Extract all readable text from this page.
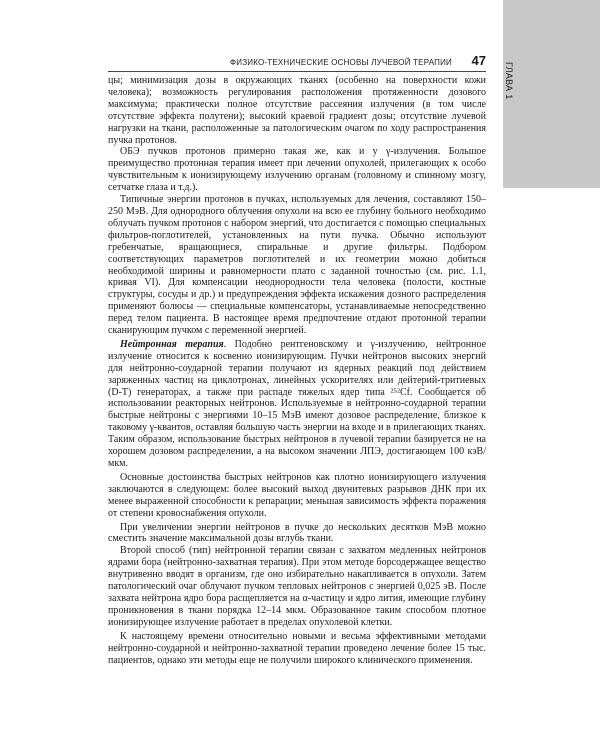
ГЛАВА 1
ФИЗИКО-ТЕХНИЧЕСКИЕ ОСНОВЫ ЛУЧЕВОЙ ТЕРАПИИ 47

цы; минимизация дозы в окружающих тканях (особенно на поверхности кожи человека); возможность регулирования расположения протяженности дозового максимума; практически полное отсутствие рассеяния излучения (в том числе отсутствие эффекта полутени); высокий краевой градиент дозы; отсутствие лучевой нагрузки на ткани, расположенные за патологическим очагом по ходу распространения пучка протонов.

ОБЭ пучков протонов примерно такая же, как и у γ-излучения. Большое преимущество протонная терапия имеет при лечении опухолей, прилегающих к особо чувствительным к ионизирующему излучению органам (головному и спинному мозгу, сетчатке глаза и т.д.).

Типичные энергии протонов в пучках, используемых для лечения, составляют 150–250 МэВ. Для однородного облучения опухоли на всю ее глубину больного необходимо облучать пучком протонов с набором энергий, что достигается с помощью специальных фильтров-поглотителей, установленных на пути пучка. Обычно используют гребенчатые, вращающиеся, спиральные и другие фильтры. Подбором соответствующих параметров поглотителей и их геометрии можно добиться необходимой ширины и равномерности плато с заданной точностью (см. рис. 1.1, кривая VI). Для компенсации неоднородности тела человека (полости, костные структуры, сосуды и др.) и предупреждения эффекта искажения дозного распределения применяют болюсы — специальные компенсаторы, устанавливаемые непосредственно перед телом пациента. В настоящее время предпочтение отдают протонной терапии сканирующим пучком с переменной энергией.

Нейтронная терапия. Подобно рентгеновскому и γ-излучению, нейтронное излучение относится к косвенно ионизирующим. Пучки нейтронов высоких энергий для нейтронно-соударной терапии получают из ядерных реакций под действием заряженных частиц на циклотронах, линейных ускорителях или дейтерий-тритиевых (D-T) генераторах, а также при распаде тяжелых ядер типа ²⁵²Cf. Сообщается об использовании реакторных нейтронов. Используемые в нейтронно-соударной терапии быстрые нейтроны с энергиями 10–15 МэВ имеют дозовое распределение, близкое к таковому γ-квантов, оставляя большую часть энергии на входе и в прилегающих тканях. Таким образом, использование быстрых нейтронов в лучевой терапии базируется не на хорошем дозовом распределении, а на высоком значении ЛПЭ, достигающем 100 кэВ/мкм.

Основные достоинства быстрых нейтронов как плотно ионизирующего излучения заключаются в следующем: более высокий выход двунитевых разрывов ДНК при их менее выраженной способности к репарации; меньшая зависимость эффекта поражения от степени кровоснабжения опухоли.

При увеличении энергии нейтронов в пучке до нескольких десятков МэВ можно сместить значение максимальной дозы вглубь ткани.

Второй способ (тип) нейтронной терапии связан с захватом медленных нейтронов ядрами бора (нейтронно-захватная терапия). При этом методе борсодержащее вещество внутривенно вводят в организм, где оно избирательно накапливается в опухоли. Затем патологический очаг облучают пучком тепловых нейтронов с энергией 0,025 эВ. После захвата нейтрона ядро бора расщепляется на α-частицу и ядро лития, имеющие глубину проникновения в ткани порядка 12–14 мкм. Образованное таким способом плотное ионизирующее излучение работает в пределах опухолевой клетки.

К настоящему времени относительно новыми и весьма эффективными методами нейтронно-соударной и нейтронно-захватной терапии проведено лечение более 15 тыс. пациентов, однако эти методы еще не получили широкого клинического применения.
